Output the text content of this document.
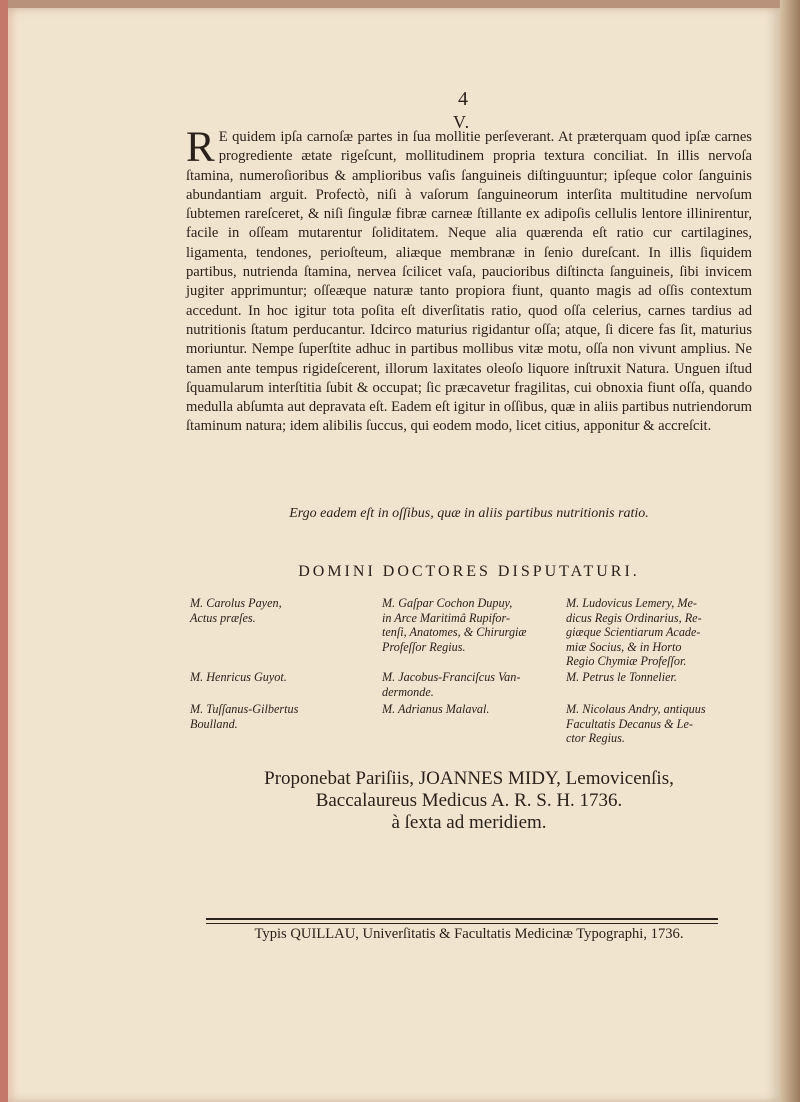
4
V.
R E quidem ipſa carnoſæ partes in ſua mollitie perſeverant. At præterquam quod ipſæ carnes progrediente ætate rigeſcunt, mollitudinem propria textura conciliat. In illis nervoſa ſtamina, numeroſioribus & amplioribus vaſis ſanguineis diſtinguuntur; ipſeque color ſanguinis abundantiam arguit. Profectò, niſi à vaſorum ſanguineorum interſita multitudine nervoſum ſubtemen rareſceret, & niſi ſingulæ fibræ carneæ ſtillante ex adipoſis cellulis lentore illinirentur, facile in oſſeam mutarentur ſoliditatem. Neque alia quærenda eſt ratio cur cartilagines, ligamenta, tendones, perioſteum, aliæque membranæ in ſenio dureſcant. In illis ſiquidem partibus, nutrienda ſtamina, nervea ſcilicet vaſa, paucioribus diſtincta ſanguineis, ſibi invicem jugiter apprimuntur; oſſeæque naturæ tanto propiora fiunt, quanto magis ad oſſis contextum accedunt. In hoc igitur tota poſita eſt diverſitatis ratio, quod oſſa celerius, carnes tardius ad nutritionis ſtatum perducantur. Idcirco maturius rigidantur oſſa; atque, ſi dicere fas ſit, maturius moriuntur. Nempe ſuperſtite adhuc in partibus mollibus vitæ motu, oſſa non vivunt amplius. Ne tamen ante tempus rigideſcerent, illorum laxitates oleoſo liquore inſtruxit Natura. Unguen iſtud ſquamularum interſtitia ſubit & occupat; ſic præcavetur fragilitas, cui obnoxia fiunt oſſa, quando medulla abſumta aut depravata eſt. Eadem eſt igitur in oſſibus, quæ in aliis partibus nutriendorum ſtaminum natura; idem alibilis ſuccus, qui eodem modo, licet citius, apponitur & accreſcit.
Ergo eadem eſt in oſſibus, quæ in aliis partibus nutritionis ratio.
DOMINI DOCTORES DISPUTATURI.
M. Carolus Payen,
Actus præſes.
M. Gaſpar Cochon Dupuy,
in Arce Maritimâ Rupifor-
tenſi, Anatomes, & Chirurgiæ
Profeſſor Regius.
M. Ludovicus Lemery, Me-
dicus Regis Ordinarius, Re-
giæque Scientiarum Acade-
miæ Socius, & in Horto
Regio Chymiæ Profeſſor.
M. Henricus Guyot.	M. Jacobus-Franciſcus Van-
dermonde.
M. Petrus le Tonnelier.
M. Tuſſanus-Gilbertus
Boulland.
M. Adrianus Malaval.	M. Nicolaus Andry, antiquus
Facultatis Decanus & Le-
ctor Regius.
Proponebat Pariſiis, JOANNES MIDY, Lemovicenſis,
Baccalaureus Medicus A. R. S. H. 1736.
à ſexta ad meridiem.
Typis QUILLAU, Univerſitatis & Facultatis Medicinæ Typographi, 1736.
